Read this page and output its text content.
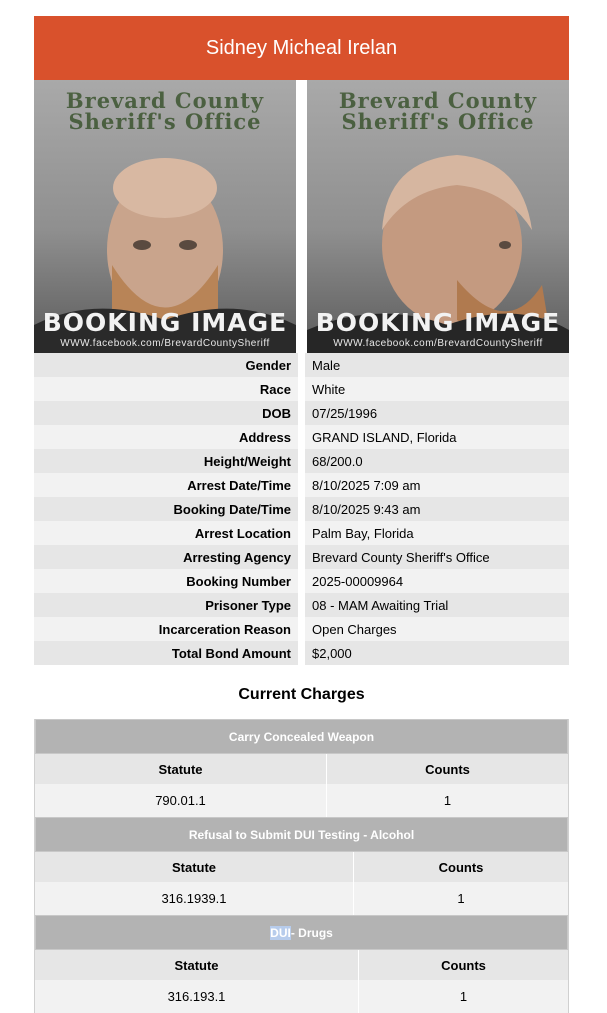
Sidney Micheal Irelan
Brevard County
Sheriff's Office
BOOKING IMAGE
WWW.facebook.com/BrevardCountySheriff
Brevard County
Sheriff's Office
BOOKING IMAGE
WWW.facebook.com/BrevardCountySheriff
Gender	Male
Race	White
DOB	07/25/1996
Address	GRAND ISLAND, Florida
Height/Weight	68/200.0
Arrest Date/Time	8/10/2025 7:09 am
Booking Date/Time	8/10/2025 9:43 am
Arrest Location	Palm Bay, Florida
Arresting Agency	Brevard County Sheriff's Office
Booking Number	2025-00009964
Prisoner Type	08 - MAM Awaiting Trial
Incarceration Reason	Open Charges
Total Bond Amount	$2,000
Current Charges
Carry Concealed Weapon
Statute	Counts
790.01.1	1
Refusal to Submit DUI Testing - Alcohol
Statute	Counts
316.1939.1	1
DUI - Drugs
Statute	Counts
316.193.1	1
